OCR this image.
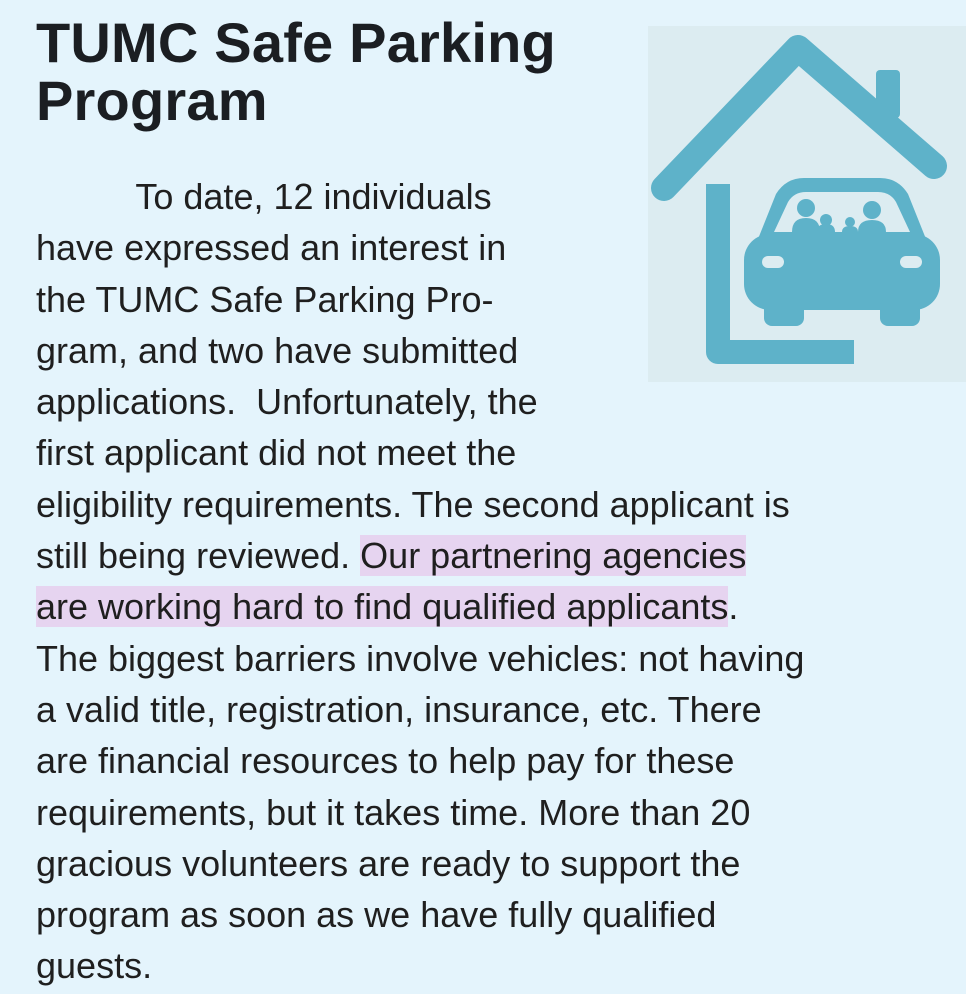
TUMC Safe Parking
Program
To date, 12 individuals
have expressed an interest in
the TUMC Safe Parking Pro-
gram, and two have submitted
applications.  Unfortunately, the
first applicant did not meet the
eligibility requirements. The second applicant is
still being reviewed. Our partnering agencies
are working hard to find qualified applicants.
The biggest barriers involve vehicles: not having
a valid title, registration, insurance, etc. There
are financial resources to help pay for these
requirements, but it takes time. More than 20
gracious volunteers are ready to support the
program as soon as we have fully qualified
guests.
